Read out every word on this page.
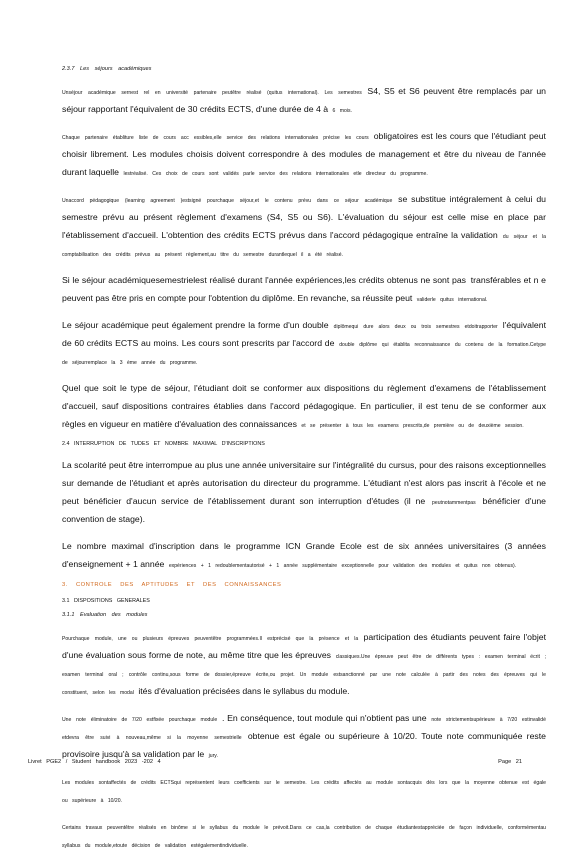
2.3.7 Les séjours académiques

Unséjour académique sernest rel en université partenaire peutêtre réalisé (quitus international). Les semestres S4, S5 et S6 peuvent être remplacés par un séjour rapportant l'équivalent de 30 crédits ECTS, d'une durée de 4 à 6 mois.

Chaque partenaire établiture liste de cours acc essibles,elle service des relations internationales précise les cours obligatoires est les cours que l'étudiant peut choisir librement. Les modules choisis doivent correspondre à des modules de management et être du niveau de l'année durant laquelle lestréalisé. Ces choix de cours sont validés parle service des relations internationales etle directeur du programme.

Unaccord pédagogique (learning agreement )estsigné pourchaque séjour,et le contenu prévu dans ce séjour académique se substitue intégralement à celui du semestre prévu au présent règlement d'examens (S4, S5 ou S6). L'évaluation du séjour est celle mise en place par l'établissement d'accueil. L'obtention des crédits ECTS prévus dans l'accord pédagogique entraîne la validation du séjour et la comptabilisation des crédits prévus au présent règlement,au titre du semestre durantlequel il a été réalisé.

Si le séjour académiquesemestrielest réalisé durant l'année expériences,les crédits obtenus ne sont pas transférables et n e peuvent pas être pris en compte pour l'obtention du diplôme. En revanche, sa réussite peut validerle quitus international.

Le séjour académique peut également prendre la forme d'un double diplômequi dure alors deux ou trois semestres etdoitrapporter l'équivalent de 60 crédits ECTS au moins. Les cours sont prescrits par l'accord de double diplôme qui établita reconnaissance du contenu de la formation.Cetype de séjourremplace la 3 ème année du programme.

Quel que soit le type de séjour, l'étudiant doit se conformer aux dispositions du règlement d'examens de l'établissement d'accueil, sauf dispositions contraires établies dans l'accord pédagogique. En particulier, il est tenu de se conformer aux règles en vigueur en matière d'évaluation des connaissances et se présenter à tous les examens prescrits,de première ou de deuxième session.

2.4 INTERRUPTION DE TUDES ET NOMBRE MAXIMAL D'INSCRIPTIONS

La scolarité peut être interrompue au plus une année universitaire sur l'intégralité du cursus, pour des raisons exceptionnelles sur demande de l'étudiant et après autorisation du directeur du programme. L'étudiant n'est alors pas inscrit à l'école et ne peut bénéficier d'aucun service de l'établissement durant son interruption d'études (il ne peutnotammentpas bénéficier d'une convention de stage).

Le nombre maximal d'inscription dans le programme ICN Grande Ecole est de six années universitaires (3 années d'enseignement + 1 année expériences + 1 redoublementautorisé + 1 année supplémentaire exceptionnelle pour validation des modules et quitus non obtenus).

3. CONTROLE DES APTITUDES ET DES CONNAISSANCES
3.1 DISPOSITIONS GENERALES
3.1.1 Evaluation des modules

Pourchaque module, une ou plusieurs épreuves peuventêtre programmées.Il estprécisé que la présence et la participation des étudiants peuvent faire l'objet d'une évaluation sous forme de note, au même titre que les épreuves classiques.Une épreuve peut être de différents types : examen terminal écrit ; examen terminal oral ; contrôle continu,sous forme de dossier,épreuve écrite,ou projet. Un module estsanctionné par une note calculée à partir des notes des épreuves qui le constituent, selon les modal ités d'évaluation précisées dans le syllabus du module.

Une note éliminatoire de 7/20 estfixée pourchaque module . En conséquence, tout module qui n'obtient pas une note strictementsupérieure à 7/20 estinvalidé etdevra être suivi à nouveau,même si la moyenne semestrielle obtenue est égale ou supérieure à 10/20. Toute note communiquée reste provisoire jusqu'à sa validation par le jury.

Les modules sontaffectés de crédits ECTSqui représentent leurs coefficients sur le semestre. Les crédits affectés au module sontacquis dès lors que la moyenne obtenue est égale ou supérieure à 10/20.

Certains travaux peuventêtre réalisés en binôme si le syllabus du module le prévoit.Dans ce cas,la contribution de chaque étudiantestappréciée de façon individuelle, conformémentau syllabus du module,etoute décision de validation estégalementindividuelle.

Livret PGE2 / Student handbook 2023 -202 4	Page 21
